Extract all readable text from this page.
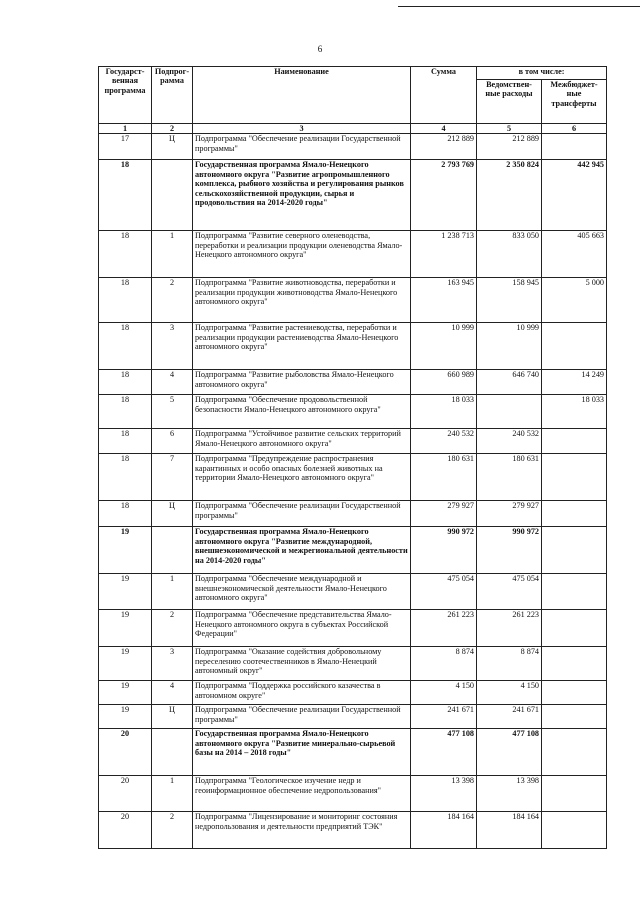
6
Государст-венная программа	Подпрог-рамма	Наименование	Сумма	в том числе:	
				Ведомствен-ные расходы	Межбюджет-ные трансферты
1	2	3	4	5	6
17	Ц	Подпрограмма "Обеспечение реализации Государственной программы"	212 889	212 889	
18		Государственная программа Ямало-Ненецкого автономного округа "Развитие агропромышленного комплекса, рыбного хозяйства и регулирования рынков сельскохозяйственной продукции, сырья и продовольствия на 2014-2020 годы"	2 793 769	2 350 824	442 945
18	1	Подпрограмма "Развитие северного оленеводства, переработки и реализации продукции оленеводства Ямало-Ненецкого автономного округа"	1 238 713	833 050	405 663
18	2	Подпрограмма "Развитие животноводства, переработки и реализации продукции животноводства Ямало-Ненецкого автономного округа"	163 945	158 945	5 000
18	3	Подпрограмма "Развитие растениеводства, переработки и реализации продукции растениеводства Ямало-Ненецкого автономного округа"	10 999	10 999	
18	4	Подпрограмма "Развитие рыболовства Ямало-Ненецкого автономного округа"	660 989	646 740	14 249
18	5	Подпрограмма "Обеспечение продовольственной безопасности Ямало-Ненецкого автономного округа"	18 033		18 033
18	6	Подпрограмма "Устойчивое развитие сельских территорий Ямало-Ненецкого автономного округа"	240 532	240 532	
18	7	Подпрограмма "Предупреждение распространения карантинных и особо опасных болезней животных на территории Ямало-Ненецкого автономного округа"	180 631	180 631	
18	Ц	Подпрограмма "Обеспечение реализации Государственной программы"	279 927	279 927	
19		Государственная программа Ямало-Ненецкого автономного округа "Развитие международной, внешнеэкономической и межрегиональной деятельности на 2014-2020 годы"	990 972	990 972	
19	1	Подпрограмма "Обеспечение международной и внешнеэкономической деятельности Ямало-Ненецкого автономного округа"	475 054	475 054	
19	2	Подпрограмма "Обеспечение представительства Ямало-Ненецкого автономного округа в субъектах Российской Федерации"	261 223	261 223	
19	3	Подпрограмма "Оказание содействия добровольному переселению соотечественников в Ямало-Ненецкий автономный округ"	8 874	8 874	
19	4	Подпрограмма "Поддержка российского казачества в автономном округе"	4 150	4 150	
19	Ц	Подпрограмма "Обеспечение реализации Государственной программы"	241 671	241 671	
20		Государственная программа Ямало-Ненецкого автономного округа "Развитие минерально-сырьевой базы на 2014 – 2018 годы"	477 108	477 108	
20	1	Подпрограмма "Геологическое изучение недр и геоинформационное обеспечение недропользования"	13 398	13 398	
20	2	Подпрограмма "Лицензирование и мониторинг состояния недропользования и деятельности предприятий ТЭК"	184 164	184 164	
